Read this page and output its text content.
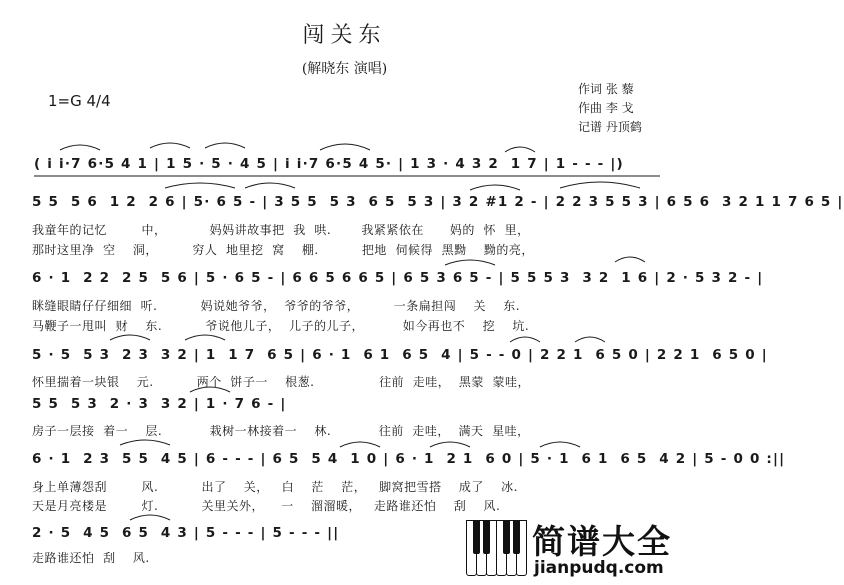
闯关东
(解晓东 演唱)
1=G 4/4
作词 张 藜
作曲 李 戈
记谱 丹顶鹤
( i i·7 6·5 4 1 | 1 5 · 5 · 4 5 | i i·7 6·5 4 5· | 1 3 · 4 3 2  1 7 | 1 - - - |)
5 5  5 6  1 2  2 6 | 5· 6 5 - | 3 5 5  5 3  6 5  5 3 | 3 2 #1 2 - | 2 2 3 5 5 3 | 6 5 6  3 2 1 1 7 6 5 |
6 · 1  2 2  2 5  5 6 | 5 · 6 5 - | 6 6 5 6 6 5 | 6 5 3 6 5 - | 5 5 5 3  3 2  1 6 | 2 · 5 3 2 - |
5 · 5  5 3  2 3  3 2 | 1  1 7  6 5 | 6 · 1  6 1  6 5  4 | 5 - - 0 | 2 2 1  6 5 0 | 2 2 1  6 5 0 |
5 5  5 3  2 · 3  3 2 | 1 · 7 6 - |
6 · 1  2 3  5 5  4 5 | 6 - - - | 6 5  5 4  1 0 | 6 · 1  2 1  6 0 | 5 · 1  6 1  6 5  4 2 | 5 - 0 0 :||
2 · 5  4 5  6 5  4 3 | 5 - - - | 5 - - - ||
我童年的记忆        中，          妈妈讲故事把  我  哄.       我紧紧依在      妈的  怀  里，
那时这里净  空    洞，        穷人  地里挖  窝    棚.          把地  伺候得  黑黝    黝的亮，
眯缝眼睛仔仔细细  听.          妈说她爷爷，  爷爷的爷爷，        一条扁担闯    关    东.
马鞭子一甩叫  财    东.          爷说他儿子，  儿子的儿子，         如今再也不    挖    坑.
怀里揣着一块银    元.          两个  饼子一    根葱.               往前  走哇，  黑蒙  蒙哇，
房子一层接  着一    层.           栽树一林接着一    林.           往前  走哇，  满天  星哇，
身上单薄怨刮        风.          出了    关，   白    茫    茫，   脚窝把雪搭    成了    冰.
天是月亮楼是        灯.          关里关外，    一    溜溜暖，   走路谁还怕    刮    风.
走路谁还怕  刮    风.	简谱大全
jianpudq.com
